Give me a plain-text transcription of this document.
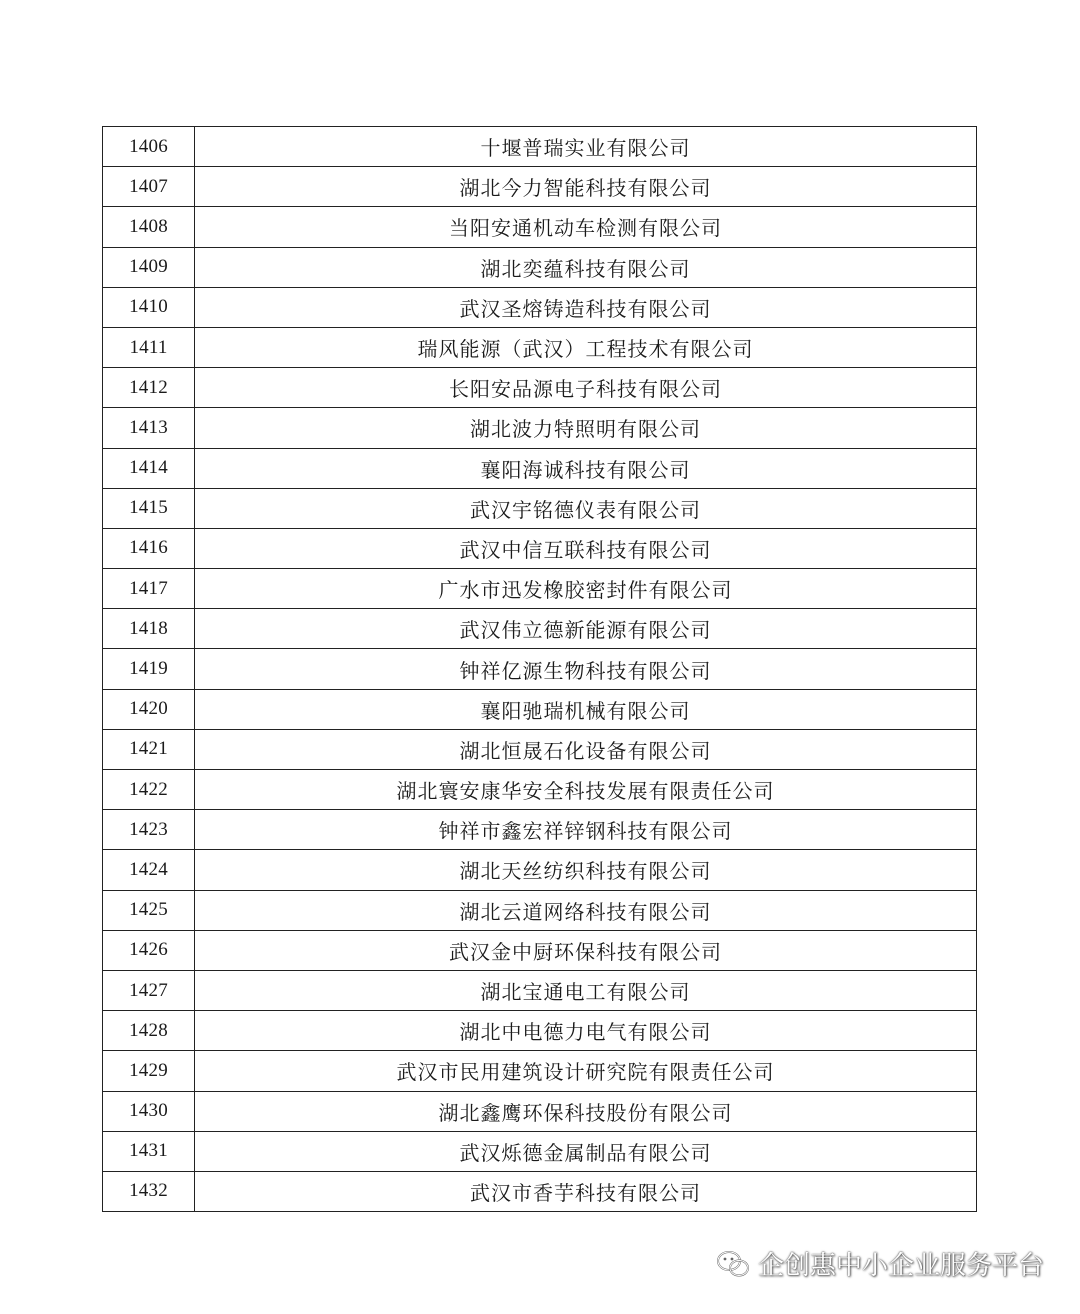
1406	十堰普瑞实业有限公司
1407	湖北今力智能科技有限公司
1408	当阳安通机动车检测有限公司
1409	湖北奕蕴科技有限公司
1410	武汉圣熔铸造科技有限公司
1411	瑞风能源（武汉）工程技术有限公司
1412	长阳安品源电子科技有限公司
1413	湖北波力特照明有限公司
1414	襄阳海诚科技有限公司
1415	武汉宇铭德仪表有限公司
1416	武汉中信互联科技有限公司
1417	广水市迅发橡胶密封件有限公司
1418	武汉伟立德新能源有限公司
1419	钟祥亿源生物科技有限公司
1420	襄阳驰瑞机械有限公司
1421	湖北恒晟石化设备有限公司
1422	湖北寰安康华安全科技发展有限责任公司
1423	钟祥市鑫宏祥锌钢科技有限公司
1424	湖北天丝纺织科技有限公司
1425	湖北云道网络科技有限公司
1426	武汉金中厨环保科技有限公司
1427	湖北宝通电工有限公司
1428	湖北中电德力电气有限公司
1429	武汉市民用建筑设计研究院有限责任公司
1430	湖北鑫鹰环保科技股份有限公司
1431	武汉烁德金属制品有限公司
1432	武汉市香芋科技有限公司
企创惠中小企业服务平台
